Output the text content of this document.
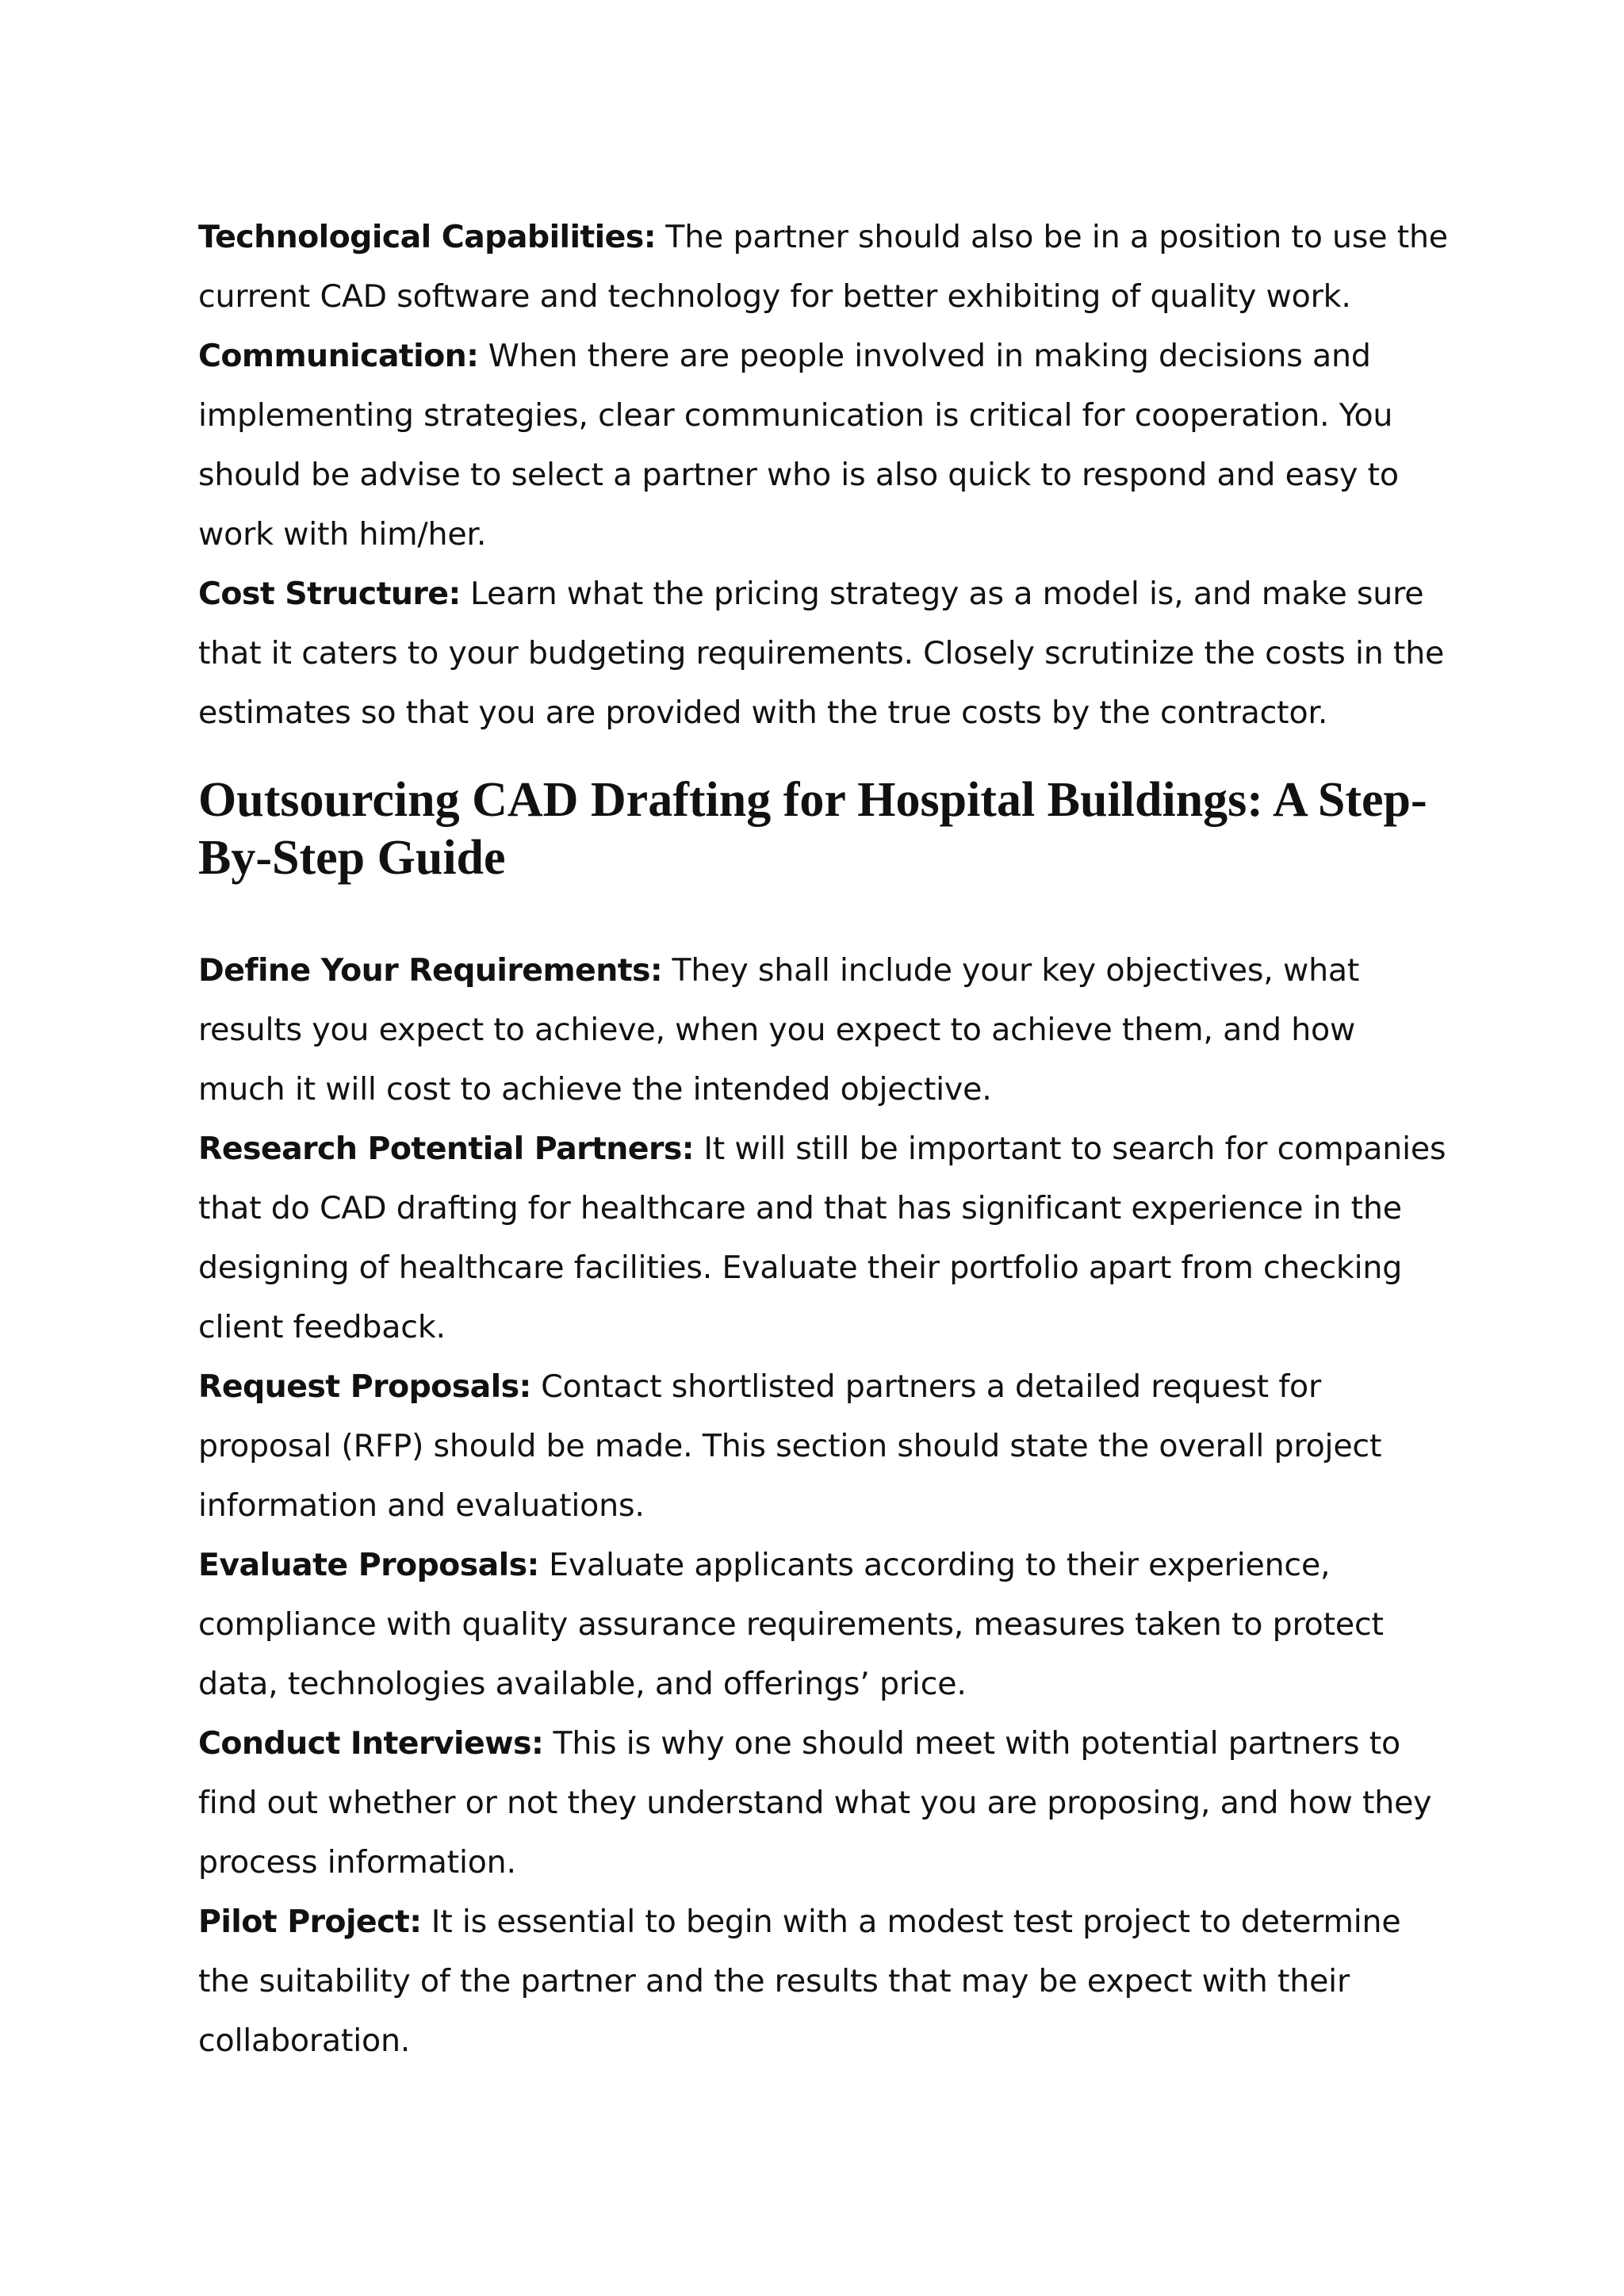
Technological Capabilities: The partner should also be in a position to use the current CAD software and technology for better exhibiting of quality work.

Communication: When there are people involved in making decisions and implementing strategies, clear communication is critical for cooperation. You should be advise to select a partner who is also quick to respond and easy to work with him/her.

Cost Structure: Learn what the pricing strategy as a model is, and make sure that it caters to your budgeting requirements. Closely scrutinize the costs in the estimates so that you are provided with the true costs by the contractor.

Outsourcing CAD Drafting for Hospital Buildings: A Step-By-Step Guide

Define Your Requirements: They shall include your key objectives, what results you expect to achieve, when you expect to achieve them, and how much it will cost to achieve the intended objective.

Research Potential Partners: It will still be important to search for companies that do CAD drafting for healthcare and that has significant experience in the designing of healthcare facilities. Evaluate their portfolio apart from checking client feedback.

Request Proposals: Contact shortlisted partners a detailed request for proposal (RFP) should be made. This section should state the overall project information and evaluations.

Evaluate Proposals: Evaluate applicants according to their experience, compliance with quality assurance requirements, measures taken to protect data, technologies available, and offerings’ price.

Conduct Interviews: This is why one should meet with potential partners to find out whether or not they understand what you are proposing, and how they process information.

Pilot Project: It is essential to begin with a modest test project to determine the suitability of the partner and the results that may be expect with their collaboration.
